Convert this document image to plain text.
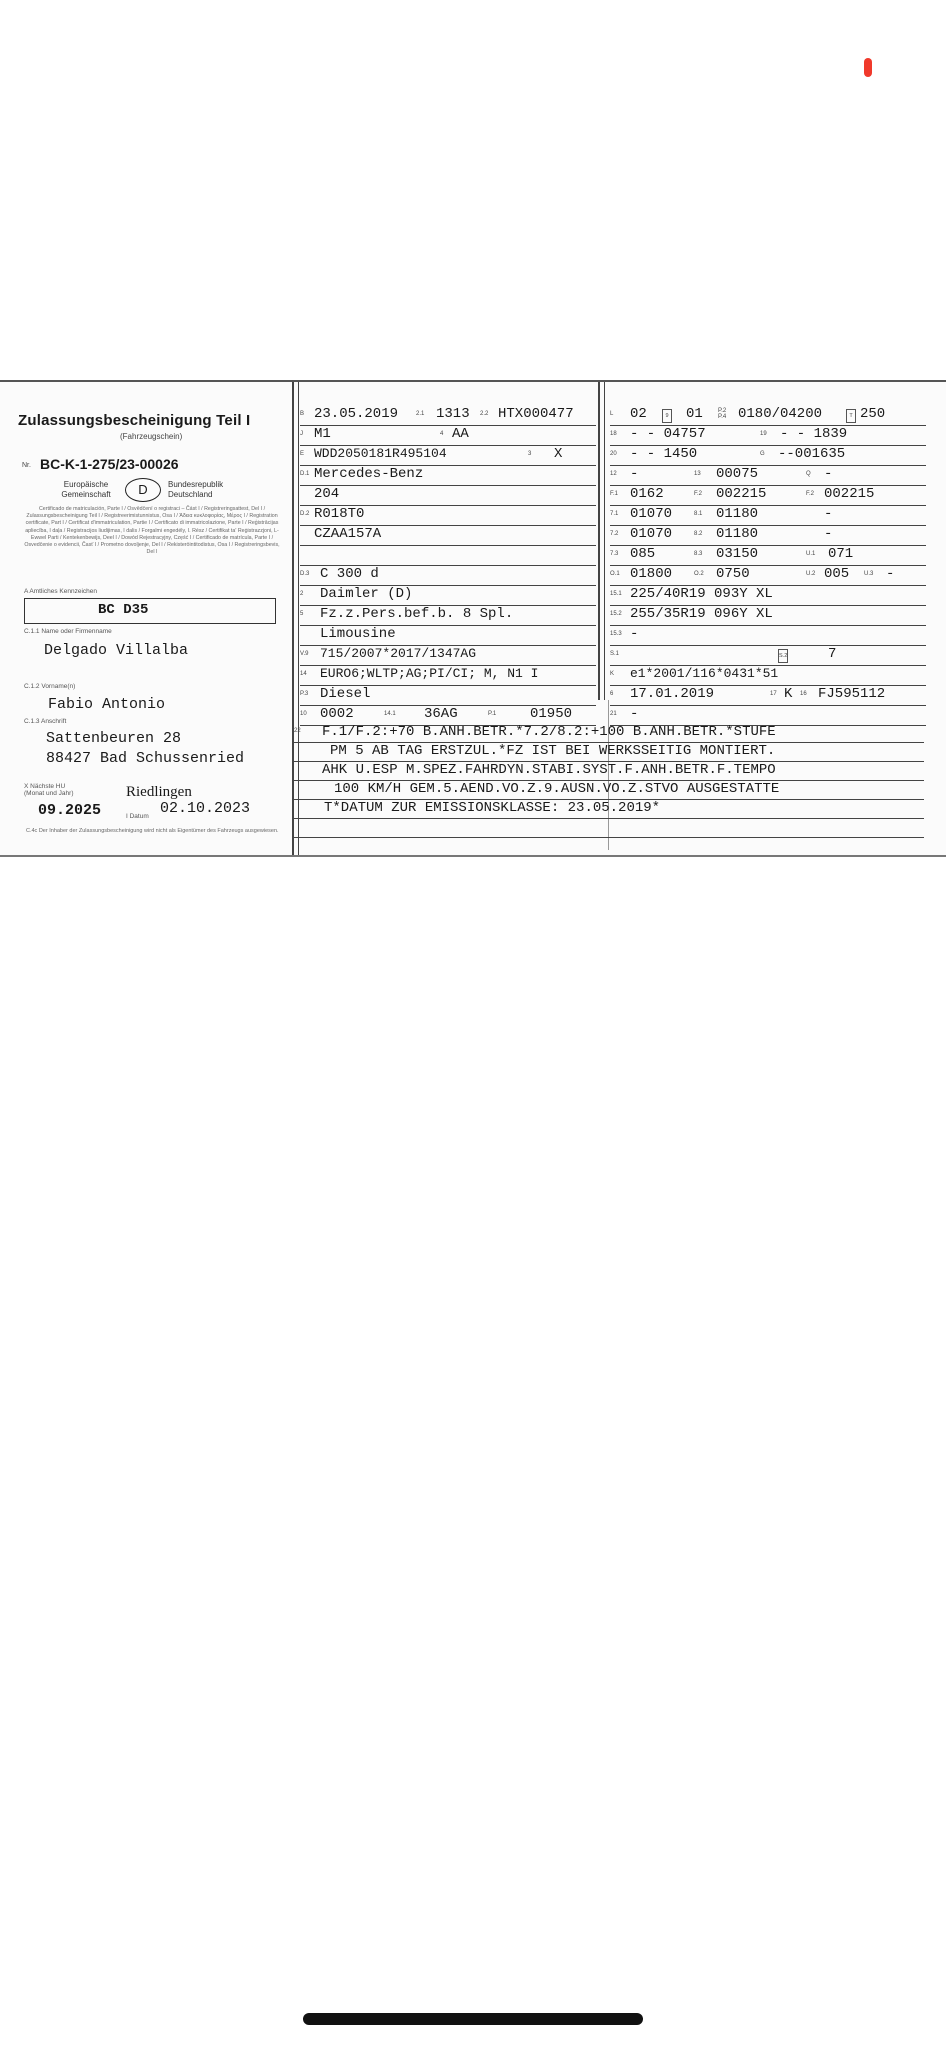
Zulassungsbescheinigung Teil I
(Fahrzeugschein)
Nr. BC-K-1-275/23-00026
Europäische Gemeinschaft	D	Bundesrepublik Deutschland
Certificado de matriculación, Parte I / Osvědčení o registraci – Část I / Registreringsattest, Del I / Zulassungsbescheinigung Teil I / Registreerimistunnistus, Osa I / Άδεια κυκλοφορίας, Μέρος I / Registration certificate, Part I / Certificat d'immatriculation, Partie I / Certificato di immatricolazione, Parte I / Reģistrācijas apliecība, I daļa / Registracijos liudijimas, I dalis / Forgalmi engedély, I. Rész / Certifikat ta' Reġistrazzjoni, L-Ewwel Parti / Kentekenbewijs, Deel I / Dowód Rejestracyjny, Część I / Certificado de matrícula, Parte I / Osvedčenie o evidencii, Časť I / Prometno dovoljenje, Del I / Rekisteröintitodistus, Osa I / Registreringsbevis, Del I
A Amtliches Kennzeichen
BC D35
C.1.1 Name oder Firmenname
Delgado Villalba
C.1.2 Vorname(n)
Fabio Antonio
C.1.3 Anschrift
Sattenbeuren 28
88427 Bad Schussenried
X Nächste HU (Monat und Jahr)
09.2025
Riedlingen
I Datum 02.10.2023
C.4c Der Inhaber der Zulassungsbescheinigung wird nicht als Eigentümer des Fahrzeugs ausgewiesen.
B 23.05.2019	2.1 1313 2.2 HTX000477
J M1	4 AA
E WDD2050181R495104	3 X
D.1 Mercedes-Benz
204
D.2 R018T0
CZAA157A
D.3 C 300 d
2 Daimler (D)
5 Fz.z.Pers.bef.b. 8 Spl.
Limousine
V.9 715/2007*2017/1347AG
14 EURO6;WLTP;AG;PI/CI; M, N1 I
P.3 Diesel
10 0002	14.1 36AG	P.1 01950
L 02	9 01	P.2 P.4 0180/04200	T 250
18 - - 04757	19 - - 1839
20 - - 1450	G --001635
12 -	13 00075	Q -
F.1 0162	F.2 002215	F.2 002215
7.1 01070	8.1 01180	-
7.2 01070	8.2 01180	-
7.3 085	8.3 03150	U.1 071
O.1 01800	O.2 0750	U.2 005 U.3 -
15.1 225/40R19 093Y XL
15.2 255/35R19 096Y XL
15.3 -
S.1	S.2	7
K e1*2001/116*0431*51
6 17.01.2019	17 K 16 FJ595112
21 -
22 F.1/F.2:+70 B.ANH.BETR.*7.2/8.2:+100 B.ANH.BETR.*STUFE
PM 5 AB TAG ERSTZUL.*FZ IST BEI WERKSSEITIG MONTIERT.
AHK U.ESP M.SPEZ.FAHRDYN.STABI.SYST.F.ANH.BETR.F.TEMPO
100 KM/H GEM.5.AEND.VO.Z.9.AUSN.VO.Z.STVO AUSGESTATTE
T*DATUM ZUR EMISSIONSKLASSE: 23.05.2019*
